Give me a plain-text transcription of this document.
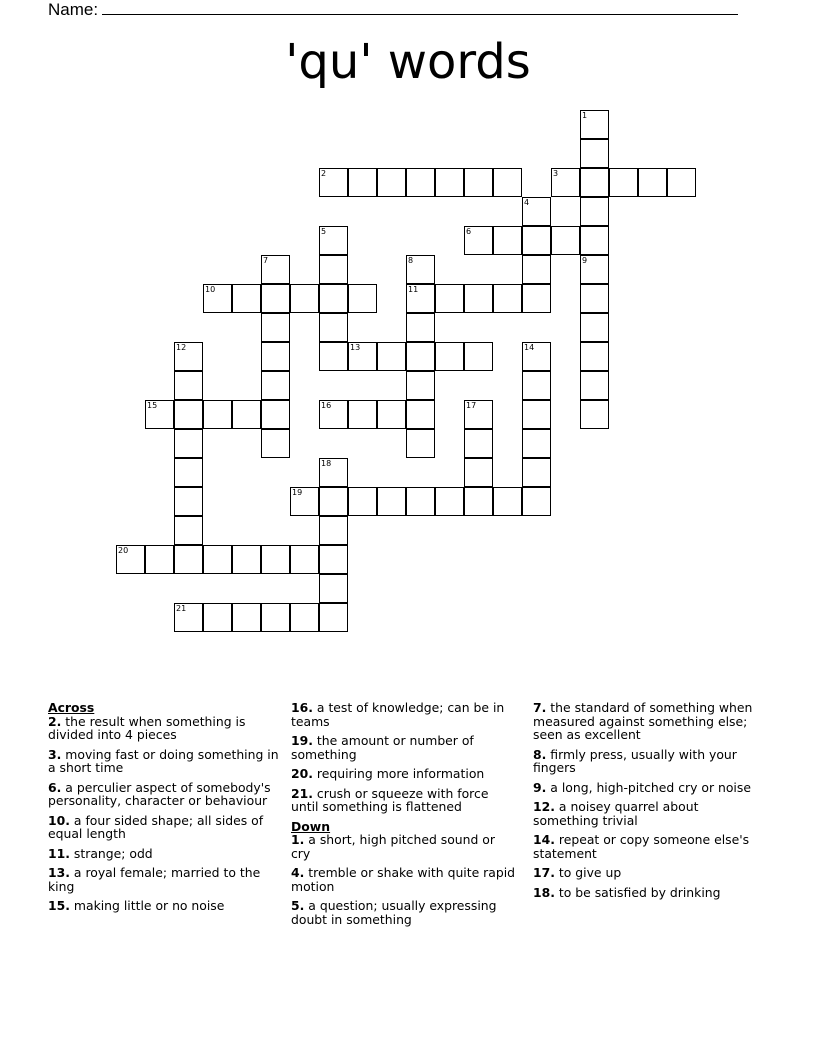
Name:
'qu' words
2	3
6
10	11
13
15	16
19
20
21
1
9
4
5
7	8
12	14
17
18
Across
2. the result when something is divided into 4 pieces
3. moving fast or doing something in a short time
6. a perculier aspect of somebody's personality, character or behaviour
10. a four sided shape; all sides of equal length
11. strange; odd
13. a royal female; married to the king
15. making little or no noise
16. a test of knowledge; can be in teams
19. the amount or number of something
20. requiring more information
21. crush or squeeze with force until something is flattened
Down
1. a short, high pitched sound or cry
4. tremble or shake with quite rapid motion
5. a question; usually expressing doubt in something
7. the standard of something when measured against something else; seen as excellent
8. firmly press, usually with your fingers
9. a long, high-pitched cry or noise
12. a noisey quarrel about something trivial
14. repeat or copy someone else's statement
17. to give up
18. to be satisfied by drinking
